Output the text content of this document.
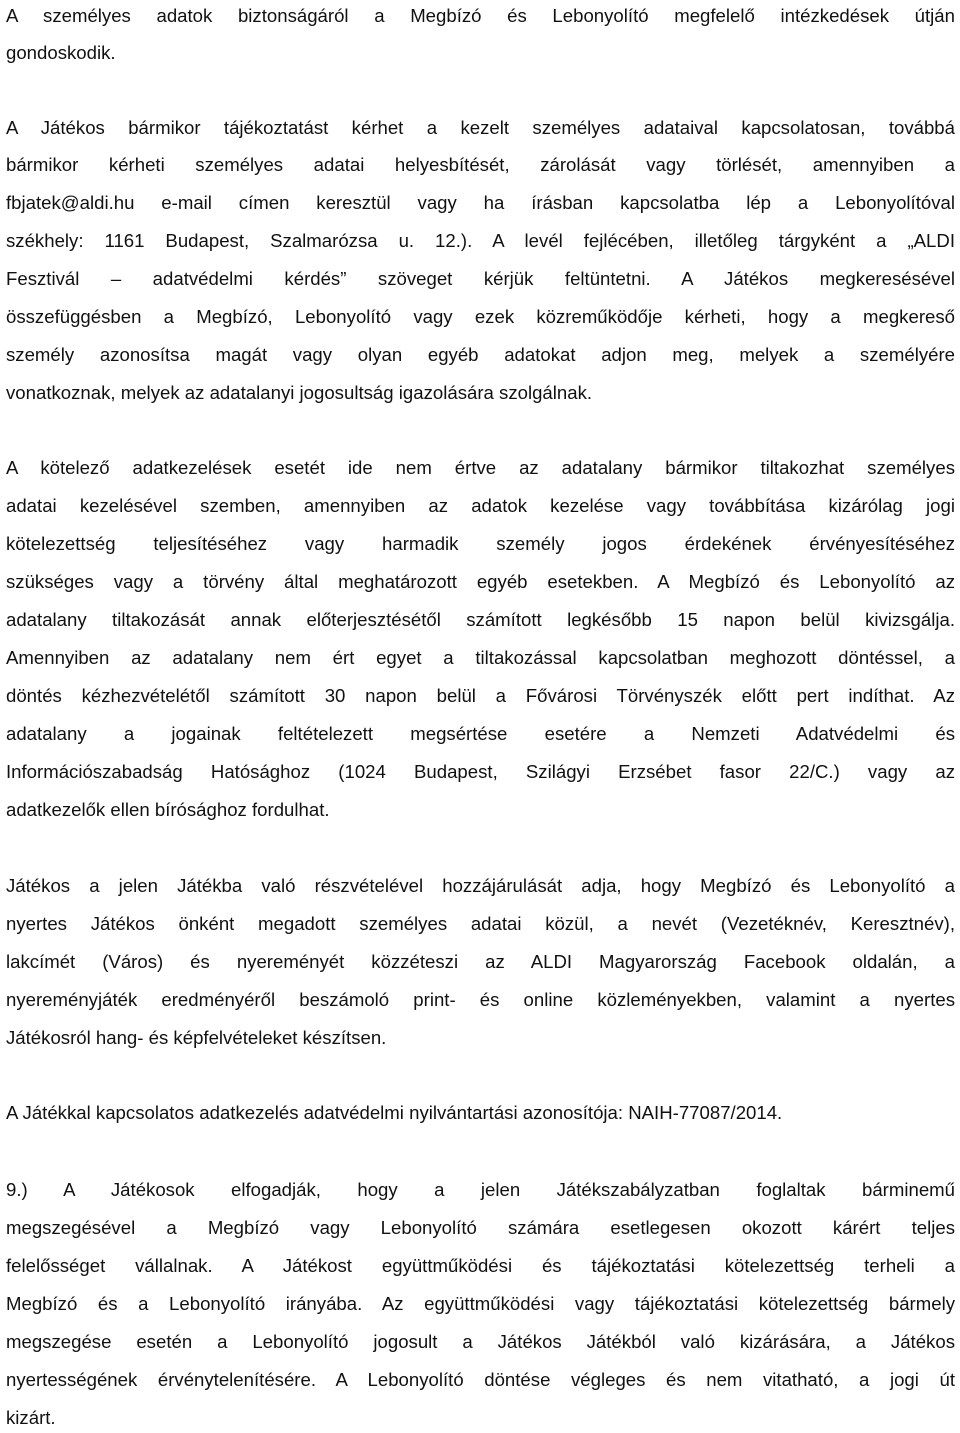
A személyes adatok biztonságáról a Megbízó és Lebonyolító megfelelő intézkedések útján
gondoskodik.
A Játékos bármikor tájékoztatást kérhet a kezelt személyes adataival kapcsolatosan, továbbá
bármikor kérheti személyes adatai helyesbítését, zárolását vagy törlését, amennyiben a
fbjatek@aldi.hu e-mail címen keresztül vagy ha írásban kapcsolatba lép a Lebonyolítóval
székhely: 1161 Budapest, Szalmarózsa u. 12.). A levél fejlécében, illetőleg tárgyként a „ALDI
Fesztivál – adatvédelmi kérdés” szöveget kérjük feltüntetni. A Játékos megkeresésével
összefüggésben a Megbízó, Lebonyolító vagy ezek közreműködője kérheti, hogy a megkereső
személy azonosítsa magát vagy olyan egyéb adatokat adjon meg, melyek a személyére
vonatkoznak, melyek az adatalanyi jogosultság igazolására szolgálnak.
A kötelező adatkezelések esetét ide nem értve az adatalany bármikor tiltakozhat személyes
adatai kezelésével szemben, amennyiben az adatok kezelése vagy továbbítása kizárólag jogi
kötelezettség teljesítéséhez vagy harmadik személy jogos érdekének érvényesítéséhez
szükséges vagy a törvény által meghatározott egyéb esetekben. A Megbízó és Lebonyolító az
adatalany tiltakozását annak előterjesztésétől számított legkésőbb 15 napon belül kivizsgálja.
Amennyiben az adatalany nem ért egyet a tiltakozással kapcsolatban meghozott döntéssel, a
döntés kézhezvételétől számított 30 napon belül a Fővárosi Törvényszék előtt pert indíthat. Az
adatalany a jogainak feltételezett megsértése esetére a Nemzeti Adatvédelmi és
Információszabadság Hatósághoz (1024 Budapest, Szilágyi Erzsébet fasor 22/C.) vagy az
adatkezelők ellen bírósághoz fordulhat.
Játékos a jelen Játékba való részvételével hozzájárulását adja, hogy Megbízó és Lebonyolító a
nyertes Játékos önként megadott személyes adatai közül, a nevét (Vezetéknév, Keresztnév),
lakcímét (Város) és nyereményét közzéteszi az ALDI Magyarország Facebook oldalán, a
nyereményjáték eredményéről beszámoló print- és online közleményekben, valamint a nyertes
Játékosról hang- és képfelvételeket készítsen.
A Játékkal kapcsolatos adatkezelés adatvédelmi nyilvántartási azonosítója: NAIH-77087/2014.
9.) A Játékosok elfogadják, hogy a jelen Játékszabályzatban foglaltak bárminemű
megszegésével a Megbízó vagy Lebonyolító számára esetlegesen okozott kárért teljes
felelősséget vállalnak. A Játékost együttműködési és tájékoztatási kötelezettség terheli a
Megbízó és a Lebonyolító irányába. Az együttműködési vagy tájékoztatási kötelezettség bármely
megszegése esetén a Lebonyolító jogosult a Játékos Játékból való kizárására, a Játékos
nyertességének érvénytelenítésére. A Lebonyolító döntése végleges és nem vitatható, a jogi út
kizárt.
